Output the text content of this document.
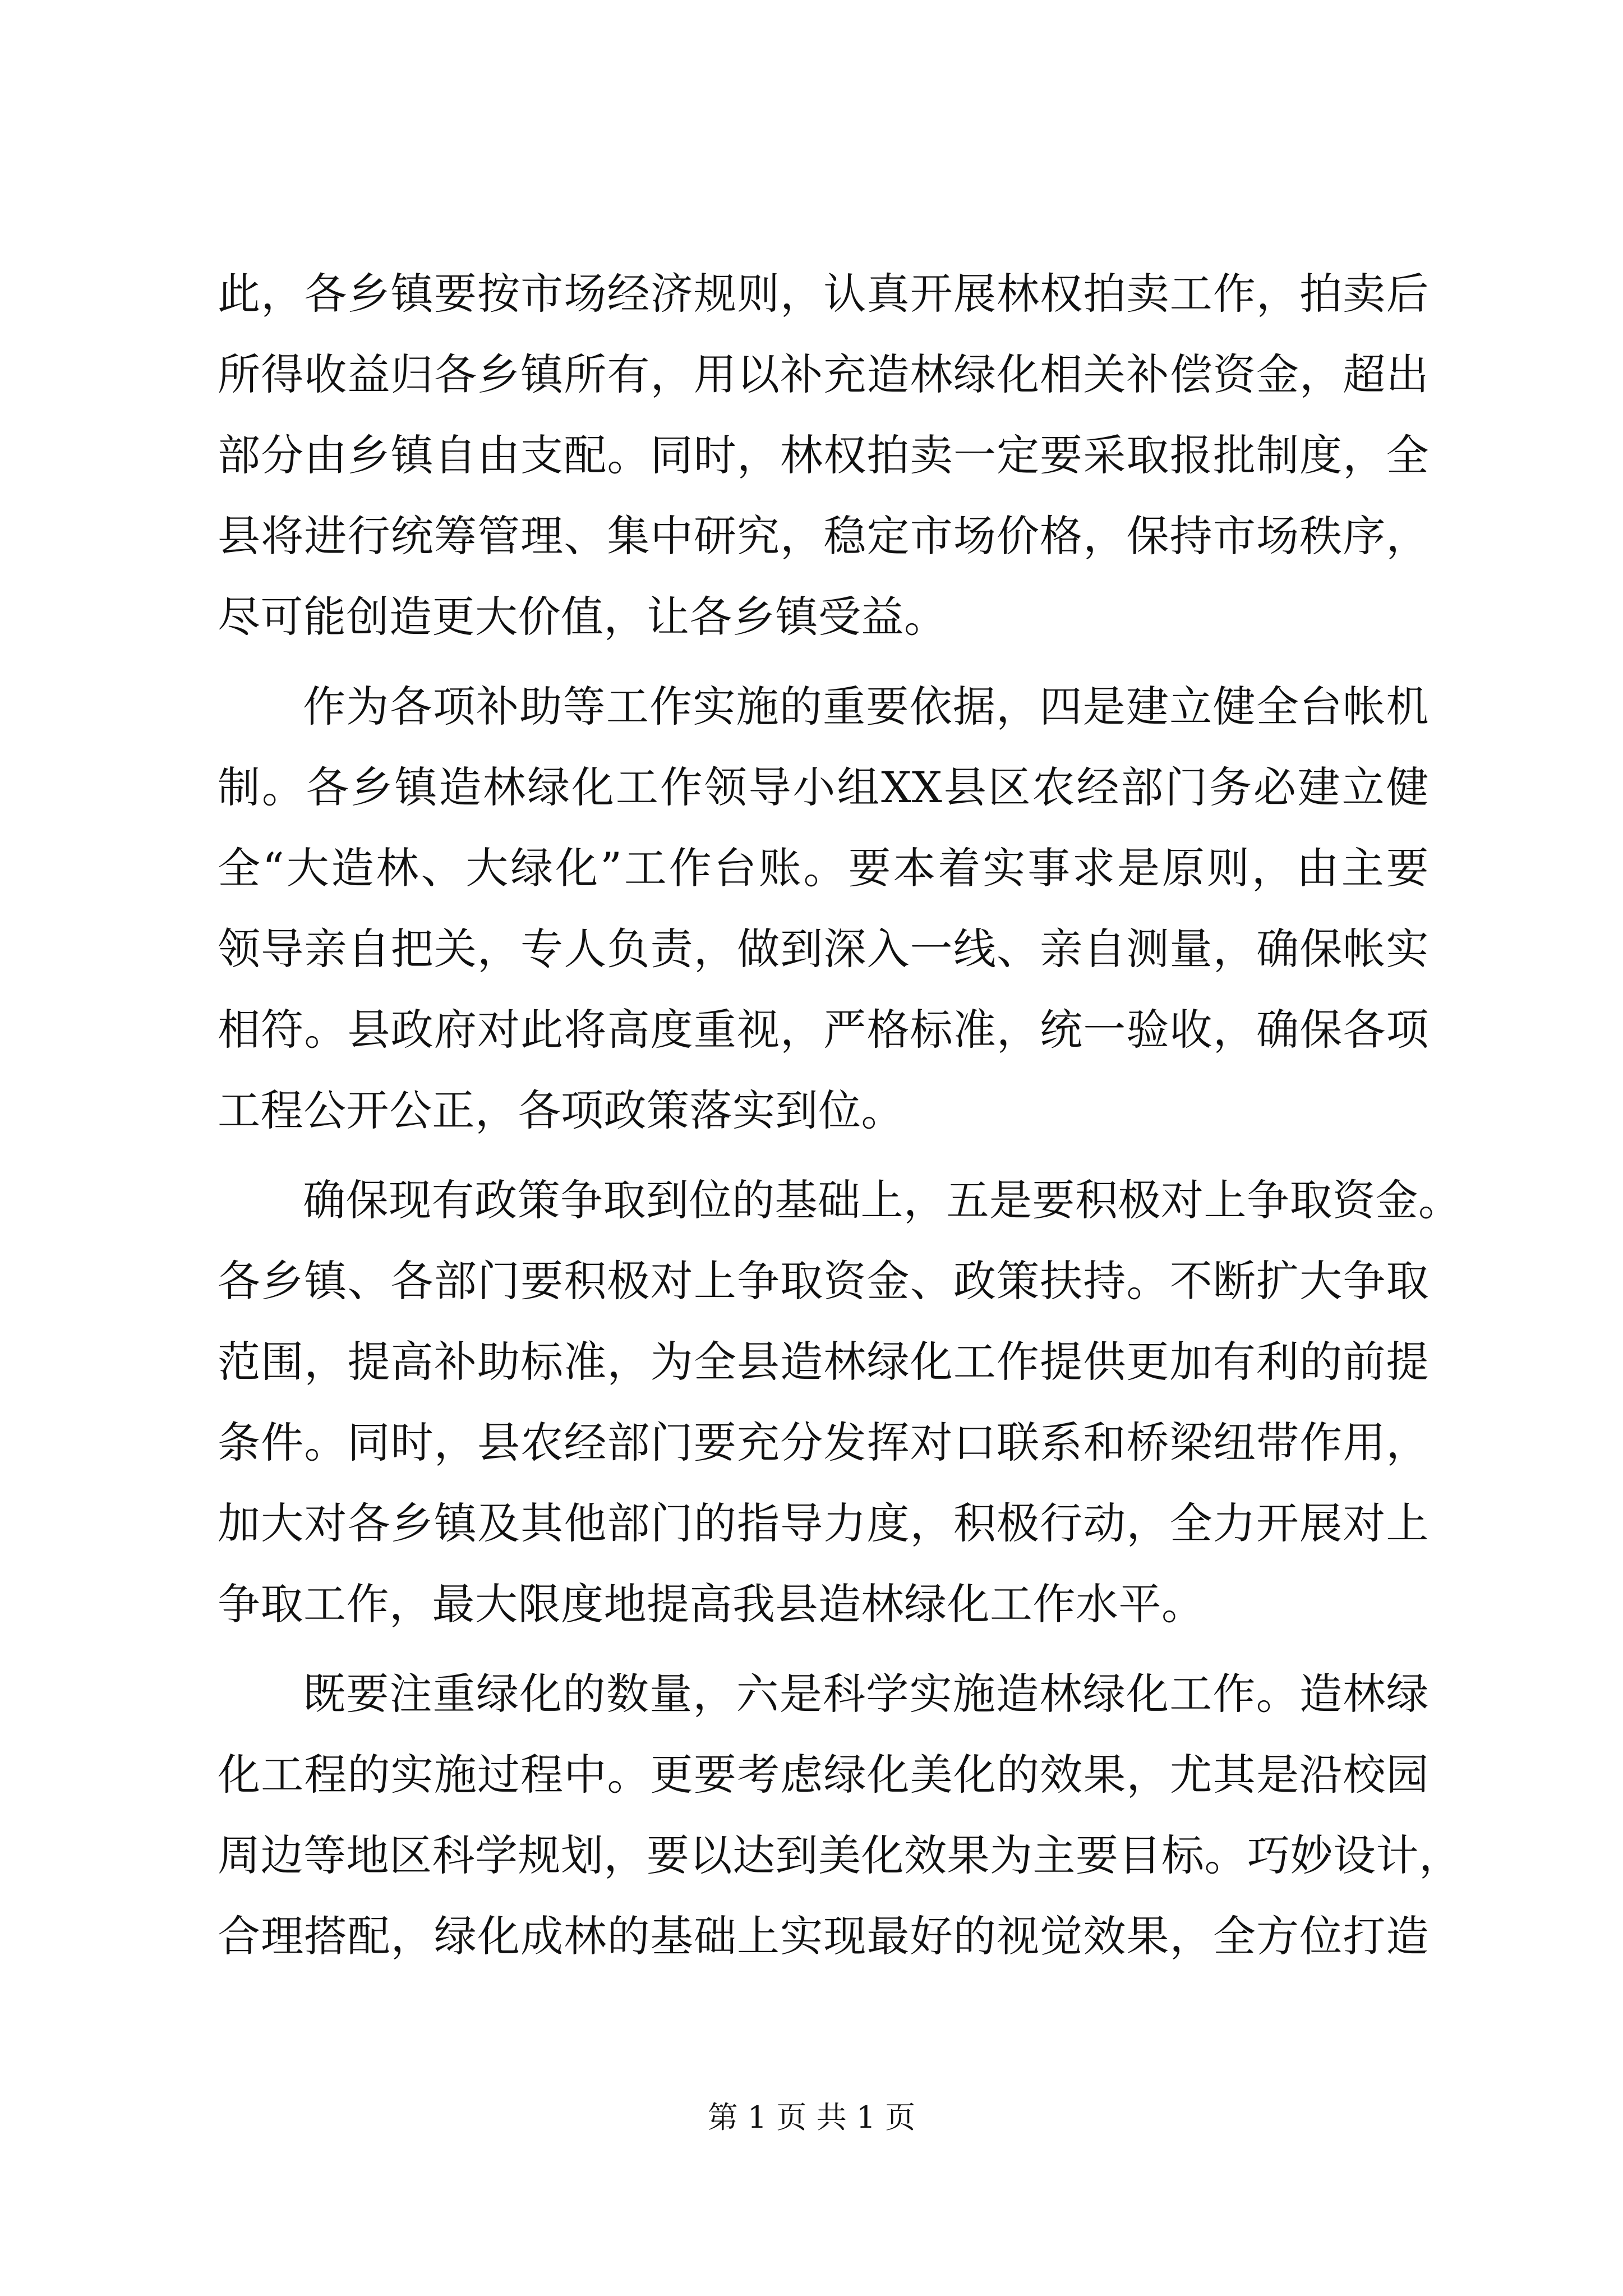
此，各乡镇要按市场经济规则，认真开展林权拍卖工作，拍卖后
所得收益归各乡镇所有，用以补充造林绿化相关补偿资金，超出
部分由乡镇自由支配。同时，林权拍卖一定要采取报批制度，全
县将进行统筹管理、集中研究，稳定市场价格，保持市场秩序，
尽可能创造更大价值，让各乡镇受益。
作为各项补助等工作实施的重要依据，四是建立健全台帐机
制。各乡镇造林绿化工作领导小组XX县区农经部门务必建立健
全“大造林、大绿化”工作台账。要本着实事求是原则，由主要
领导亲自把关，专人负责，做到深入一线、亲自测量，确保帐实
相符。县政府对此将高度重视，严格标准，统一验收，确保各项
工程公开公正，各项政策落实到位。
确保现有政策争取到位的基础上，五是要积极对上争取资金。
各乡镇、各部门要积极对上争取资金、政策扶持。不断扩大争取
范围，提高补助标准，为全县造林绿化工作提供更加有利的前提
条件。同时，县农经部门要充分发挥对口联系和桥梁纽带作用，
加大对各乡镇及其他部门的指导力度，积极行动，全力开展对上
争取工作，最大限度地提高我县造林绿化工作水平。
既要注重绿化的数量，六是科学实施造林绿化工作。造林绿
化工程的实施过程中。更要考虑绿化美化的效果，尤其是沿校园
周边等地区科学规划，要以达到美化效果为主要目标。巧妙设计，
合理搭配，绿化成林的基础上实现最好的视觉效果，全方位打造
第 1 页 共 1 页
